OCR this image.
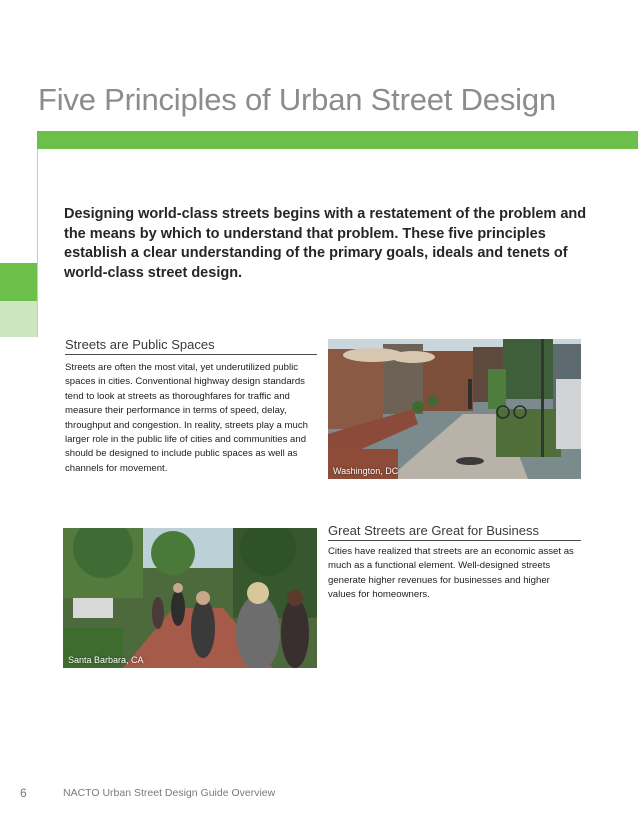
Five Principles of Urban Street Design

Designing world-class streets begins with a restatement of the problem and the means by which to understand that problem. These five principles establish a clear understanding of the primary goals, ideals and tenets of world-class street design.

Streets are Public Spaces

Streets are often the most vital, yet underutilized public spaces in cities. Conventional highway design standards tend to look at streets as thoroughfares for traffic and measure their performance in terms of speed, delay, throughput and congestion. In reality, streets play a much larger role in the public life of cities and communities and should be designed to include public spaces as well as channels for movement.	Washington, DC
Santa Barbara, CA
Great Streets are Great for Business

Cities have realized that streets are an economic asset as much as a functional element. Well-designed streets generate higher revenues for businesses and higher values for homeowners.

6	NACTO Urban Street Design Guide Overview
